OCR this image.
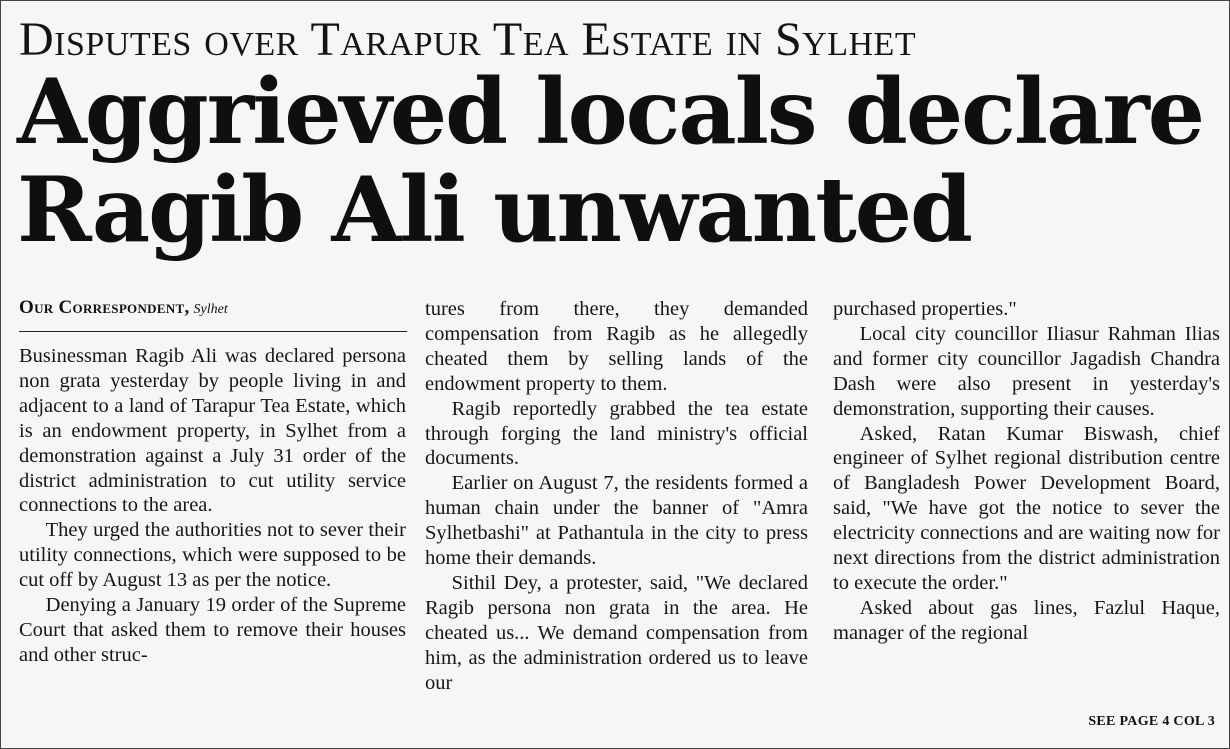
Disputes over Tarapur Tea Estate in Sylhet
Aggrieved locals declare Ragib Ali unwanted
Our Correspondent, Sylhet

Businessman Ragib Ali was declared persona non grata yesterday by people living in and adjacent to a land of Tarapur Tea Estate, which is an endowment property, in Sylhet from a demonstration against a July 31 order of the district administration to cut utility service connections to the area.

They urged the authorities not to sever their utility connections, which were supposed to be cut off by August 13 as per the notice.

Denying a January 19 order of the Supreme Court that asked them to remove their houses and other struc-

tures from there, they demanded compensation from Ragib as he allegedly cheated them by selling lands of the endowment property to them.

Ragib reportedly grabbed the tea estate through forging the land ministry's official documents.

Earlier on August 7, the residents formed a human chain under the banner of "Amra Sylhetbashi" at Pathantula in the city to press home their demands.

Sithil Dey, a protester, said, "We declared Ragib persona non grata in the area. He cheated us... We demand compensation from him, as the administration ordered us to leave our

purchased properties."

Local city councillor Iliasur Rahman Ilias and former city councillor Jagadish Chandra Dash were also present in yesterday's demonstration, supporting their causes.

Asked, Ratan Kumar Biswash, chief engineer of Sylhet regional distribution centre of Bangladesh Power Development Board, said, "We have got the notice to sever the electricity connections and are waiting now for next directions from the district administration to execute the order."

Asked about gas lines, Fazlul Haque, manager of the regional

SEE PAGE 4 COL 3
